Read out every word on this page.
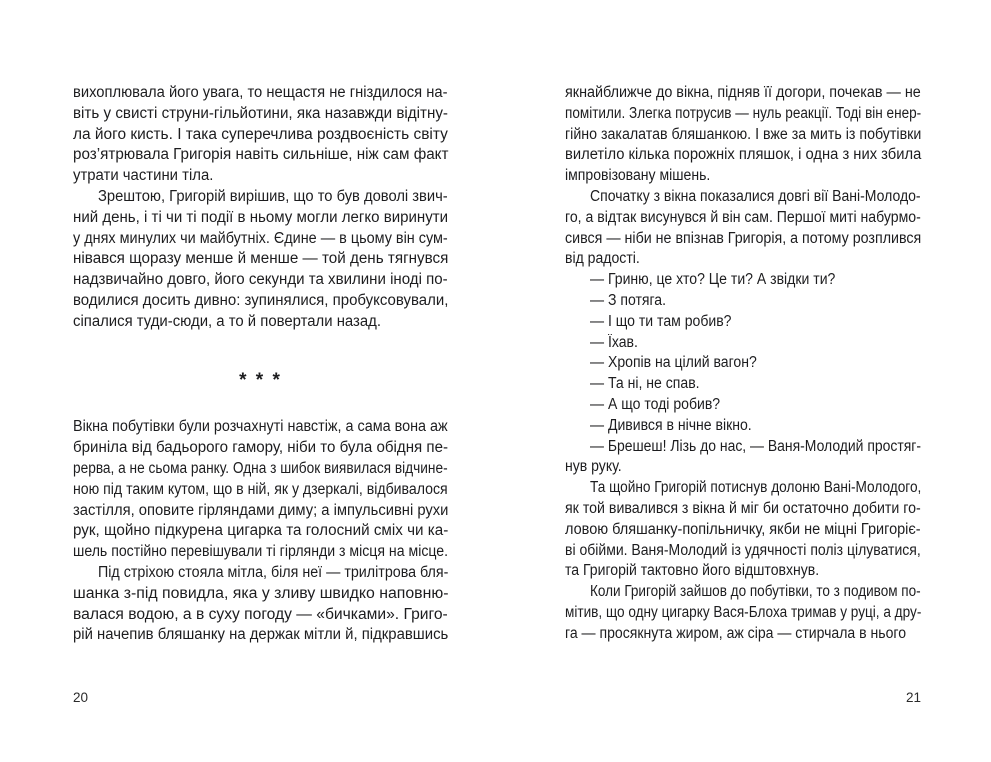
вихоплювала його увага, то нещастя не гніздилося на-
віть у свисті струни-гільйотини, яка назавжди відітну-
ла його кисть. І така суперечлива роздвоєність світу
роз’ятрювала Григорія навіть сильніше, ніж сам факт
утрати частини тіла.
Зрештою, Григорій вирішив, що то був доволі звич-
ний день, і ті чи ті події в ньому могли легко виринути
у днях минулих чи майбутніх. Єдине — в цьому він сум-
нівався щоразу менше й менше — той день тягнувся
надзвичайно довго, його секунди та хвилини іноді по-
водилися досить дивно: зупинялися, пробуксовували,
сіпалися туди-сюди, а то й повертали назад.
* * *
Вікна побутівки були розчахнуті навстіж, а сама вона аж
бриніла від бадьорого гамору, ніби то була обідня пе-
рерва, а не сьома ранку. Одна з шибок виявилася відчине-
ною під таким кутом, що в ній, як у дзеркалі, відбивалося
застілля, оповите гірляндами диму; а імпульсивні рухи
рук, щойно підкурена цигарка та голосний сміх чи ка-
шель постійно перевішували ті гірлянди з місця на місце.
Під стріхою стояла мітла, біля неї — трилітрова бля-
шанка з-під повидла, яка у зливу швидко наповню-
валася водою, а в суху погоду — «бичками». Григо-
рій начепив бляшанку на держак мітли й, підкравшись
якнайближче до вікна, підняв її догори, почекав — не
помітили. Злегка потрусив — нуль реакції. Тоді він енер-
гійно закалатав бляшанкою. І вже за мить із побутівки
вилетіло кілька порожніх пляшок, і одна з них збила
імпровізовану мішень.
Спочатку з вікна показалися довгі вії Вані-Молодо-
го, а відтак висунувся й він сам. Першої миті набурмо-
сився — ніби не впізнав Григорія, а потому розплився
від радості.
— Гриню, це хто? Це ти? А звідки ти?
— З потяга.
— І що ти там робив?
— Їхав.
— Хропів на цілий вагон?
— Та ні, не спав.
— А що тоді робив?
— Дивився в нічне вікно.
— Брешеш! Лізь до нас, — Ваня-Молодий простяг-
нув руку.
Та щойно Григорій потиснув долоню Вані-Молодого,
як той вивалився з вікна й міг би остаточно добити го-
ловою бляшанку-попільничку, якби не міцні Григоріє-
ві обійми. Ваня-Молодий із удячності поліз цілуватися,
та Григорій тактовно його відштовхнув.
Коли Григорій зайшов до побутівки, то з подивом по-
мітив, що одну цигарку Вася-Блоха тримав у руці, а дру-
га — просякнута жиром, аж сіра — стирчала в нього
20	21
